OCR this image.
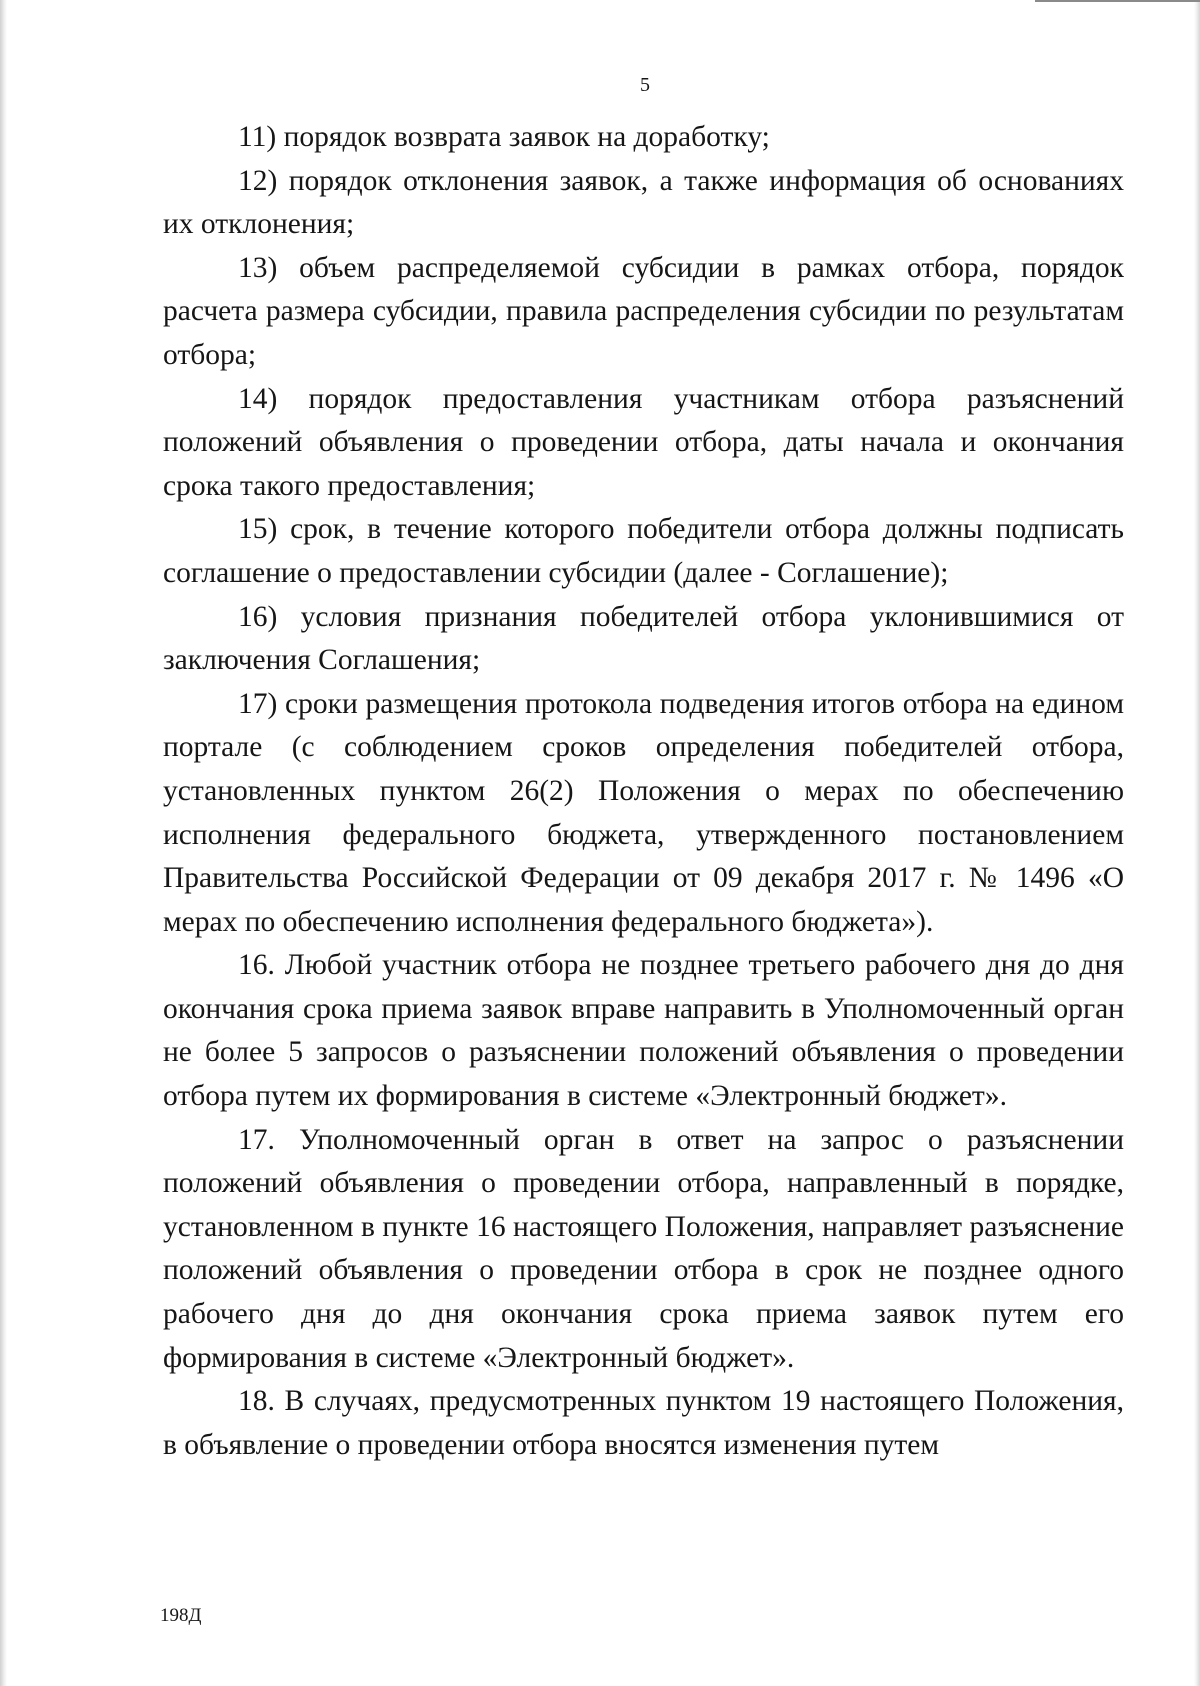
5

11) порядок возврата заявок на доработку;

12) порядок отклонения заявок, а также информация об основаниях их отклонения;

13) объем распределяемой субсидии в рамках отбора, порядок расчета размера субсидии, правила распределения субсидии по результатам отбора;

14) порядок предоставления участникам отбора разъяснений положений объявления о проведении отбора, даты начала и окончания срока такого предоставления;

15) срок, в течение которого победители отбора должны подписать соглашение о предоставлении субсидии (далее - Соглашение);

16) условия признания победителей отбора уклонившимися от заключения Соглашения;

17) сроки размещения протокола подведения итогов отбора на едином портале (с соблюдением сроков определения победителей отбора, установленных пунктом 26(2) Положения о мерах по обеспечению исполнения федерального бюджета, утвержденного постановлением Правительства Российской Федерации от 09 декабря 2017 г. № 1496 «О мерах по обеспечению исполнения федерального бюджета»).

16. Любой участник отбора не позднее третьего рабочего дня до дня окончания срока приема заявок вправе направить в Уполномоченный орган не более 5 запросов о разъяснении положений объявления о проведении отбора путем их формирования в системе «Электронный бюджет».

17. Уполномоченный орган в ответ на запрос о разъяснении положений объявления о проведении отбора, направленный в порядке, установленном в пункте 16 настоящего Положения, направляет разъяснение положений объявления о проведении отбора в срок не позднее одного рабочего дня до дня окончания срока приема заявок путем его формирования в системе «Электронный бюджет».

18. В случаях, предусмотренных пунктом 19 настоящего Положения, в объявление о проведении отбора вносятся изменения путем

198Д
